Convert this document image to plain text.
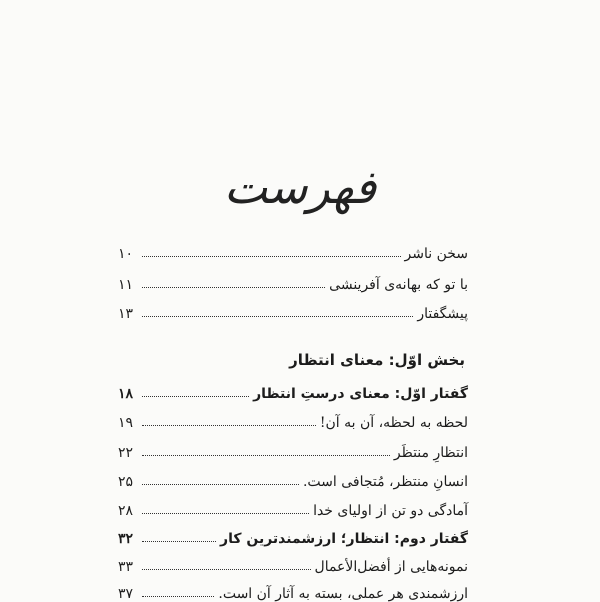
فهرست
سخن ناشر
۱۰
با تو که بهانه‌ی آفرینشی
۱۱
پیشگفتار
۱۳
بخش اوّل: معنای انتظار
گفتار اوّل: معنای درستِ انتظار
۱۸
لحظه به لحظه، آن به آن!
۱۹
انتظارِ منتظَر
۲۲
انسانِ منتظر، مُتجافی است.
۲۵
آمادگی دو تن از اولیای خدا
۲۸
گفتار دوم: انتظار؛ ارزشمندترین کار
۳۲
نمونه‌هایی از أفضل‌الأعمال
۳۳
ارزشمندی هر عملی، بسته به آثار آن است.
۳۷
